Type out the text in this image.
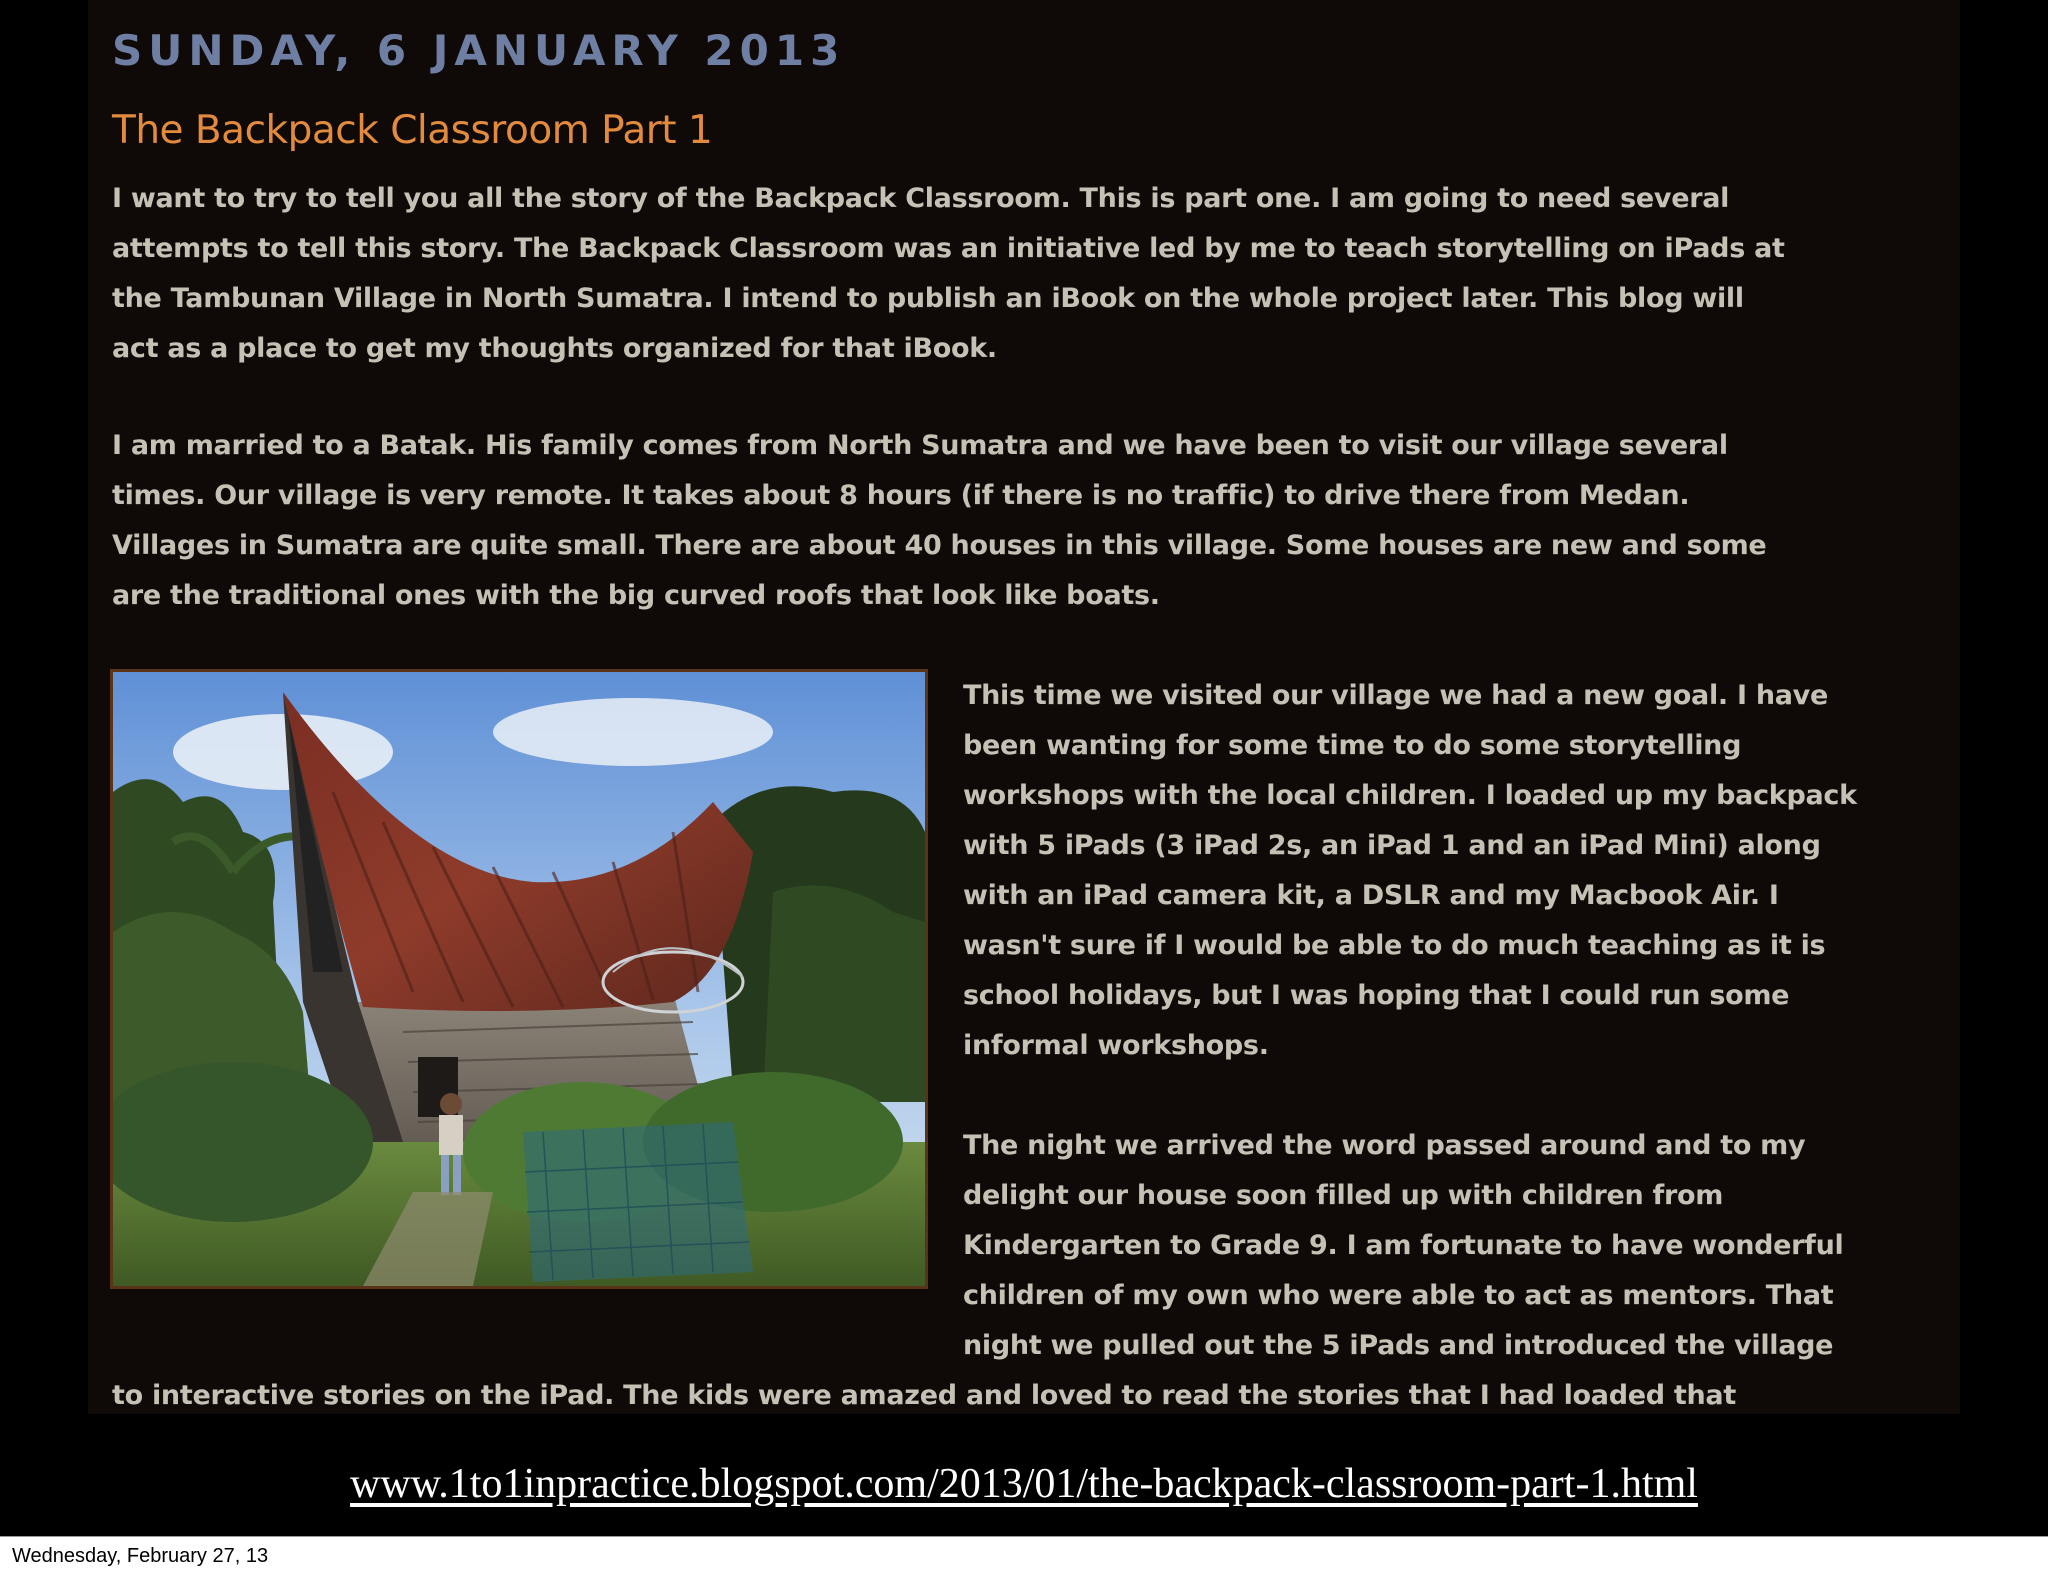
SUNDAY, 6 JANUARY 2013
The Backpack Classroom Part 1
I want to try to tell you all the story of the Backpack Classroom. This is part one. I am going to need several
attempts to tell this story. The Backpack Classroom was an initiative led by me to teach storytelling on iPads at
the Tambunan Village in North Sumatra. I intend to publish an iBook on the whole project later. This blog will
act as a place to get my thoughts organized for that iBook.
I am married to a Batak. His family comes from North Sumatra and we have been to visit our village several
times. Our village is very remote. It takes about 8 hours (if there is no traffic) to drive there from Medan.
Villages in Sumatra are quite small. There are about 40 houses in this village. Some houses are new and some
are the traditional ones with the big curved roofs that look like boats.
This time we visited our village we had a new goal. I have
been wanting for some time to do some storytelling
workshops with the local children. I loaded up my backpack
with 5 iPads (3 iPad 2s, an iPad 1 and an iPad Mini) along
with an iPad camera kit, a DSLR and my Macbook Air. I
wasn't sure if I would be able to do much teaching as it is
school holidays, but I was hoping that I could run some
informal workshops.
The night we arrived the word passed around and to my
delight our house soon filled up with children from
Kindergarten to Grade 9. I am fortunate to have wonderful
children of my own who were able to act as mentors. That
night we pulled out the 5 iPads and introduced the village
to interactive stories on the iPad. The kids were amazed and loved to read the stories that I had loaded that
www.1to1inpractice.blogspot.com/2013/01/the-backpack-classroom-part-1.html
Wednesday, February 27, 13
